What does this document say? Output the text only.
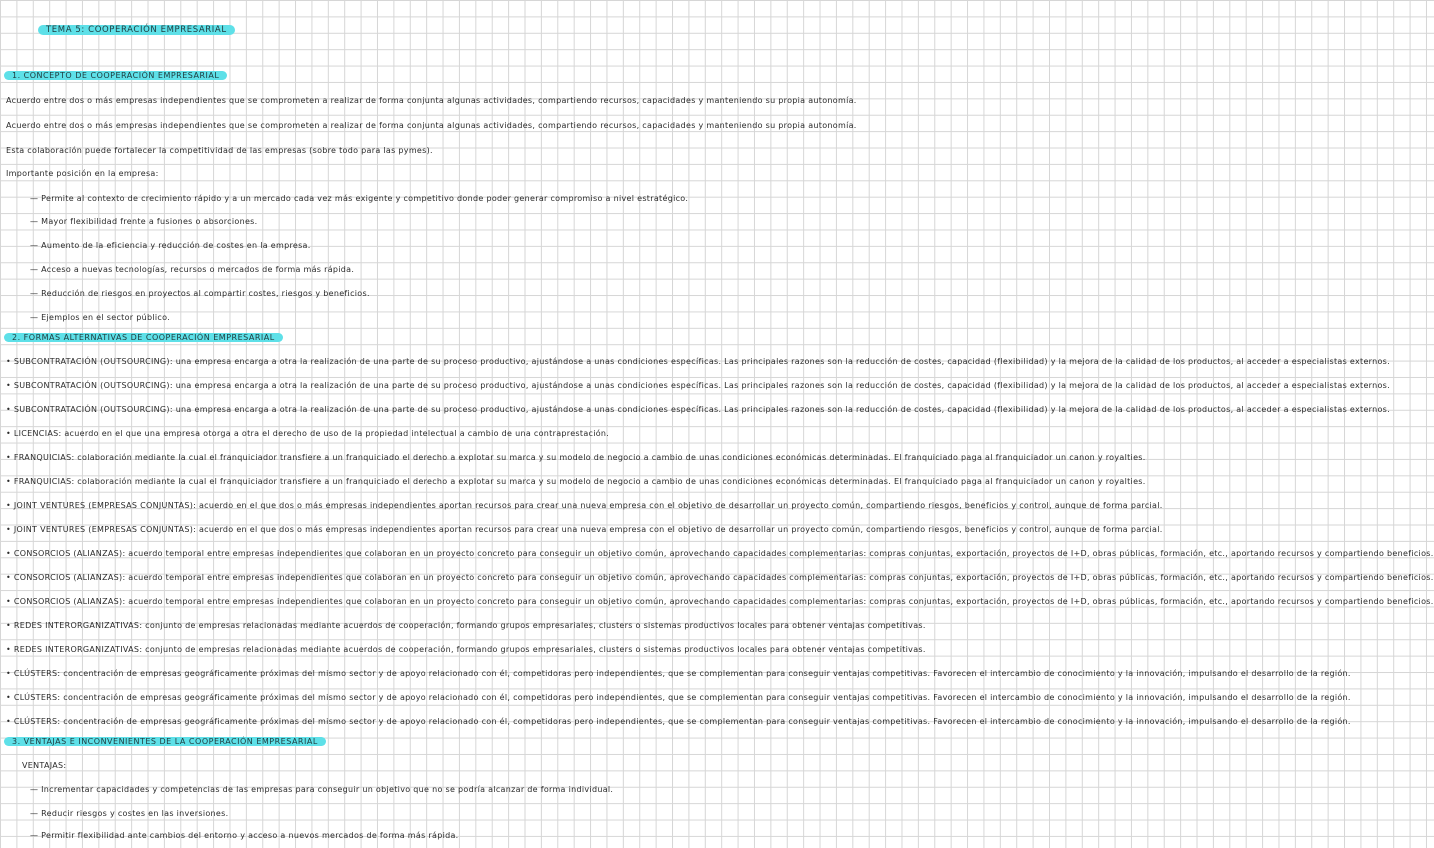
TEMA 5: COOPERACIÓN EMPRESARIAL
1. CONCEPTO DE COOPERACIÓN EMPRESARIAL
Acuerdo entre dos o más empresas independientes que se comprometen a realizar de forma conjunta algunas actividades, compartiendo recursos, capacidades y manteniendo su propia autonomía.
Acuerdo entre dos o más empresas independientes que se comprometen a realizar de forma conjunta algunas actividades, compartiendo recursos, capacidades y manteniendo su propia autonomía.
Esta colaboración puede fortalecer la competitividad de las empresas (sobre todo para las pymes).
Importante posición en la empresa:
— Permite al contexto de crecimiento rápido y a un mercado cada vez más exigente y competitivo donde poder generar compromiso a nivel estratégico.
— Mayor flexibilidad frente a fusiones o absorciones.
— Aumento de la eficiencia y reducción de costes en la empresa.
— Acceso a nuevas tecnologías, recursos o mercados de forma más rápida.
— Reducción de riesgos en proyectos al compartir costes, riesgos y beneficios.
— Ejemplos en el sector público.
2. FORMAS ALTERNATIVAS DE COOPERACIÓN EMPRESARIAL
• SUBCONTRATACIÓN (OUTSOURCING): una empresa encarga a otra la realización de una parte de su proceso productivo, ajustándose a unas condiciones específicas. Las principales razones son la reducción de costes, capacidad (flexibilidad) y la mejora de la calidad de los productos, al acceder a especialistas externos.
• SUBCONTRATACIÓN (OUTSOURCING): una empresa encarga a otra la realización de una parte de su proceso productivo, ajustándose a unas condiciones específicas. Las principales razones son la reducción de costes, capacidad (flexibilidad) y la mejora de la calidad de los productos, al acceder a especialistas externos.
• SUBCONTRATACIÓN (OUTSOURCING): una empresa encarga a otra la realización de una parte de su proceso productivo, ajustándose a unas condiciones específicas. Las principales razones son la reducción de costes, capacidad (flexibilidad) y la mejora de la calidad de los productos, al acceder a especialistas externos.
• LICENCIAS: acuerdo en el que una empresa otorga a otra el derecho de uso de la propiedad intelectual a cambio de una contraprestación.
• FRANQUICIAS: colaboración mediante la cual el franquiciador transfiere a un franquiciado el derecho a explotar su marca y su modelo de negocio a cambio de unas condiciones económicas determinadas. El franquiciado paga al franquiciador un canon y royalties.
• FRANQUICIAS: colaboración mediante la cual el franquiciador transfiere a un franquiciado el derecho a explotar su marca y su modelo de negocio a cambio de unas condiciones económicas determinadas. El franquiciado paga al franquiciador un canon y royalties.
• JOINT VENTURES (EMPRESAS CONJUNTAS): acuerdo en el que dos o más empresas independientes aportan recursos para crear una nueva empresa con el objetivo de desarrollar un proyecto común, compartiendo riesgos, beneficios y control, aunque de forma parcial.
• JOINT VENTURES (EMPRESAS CONJUNTAS): acuerdo en el que dos o más empresas independientes aportan recursos para crear una nueva empresa con el objetivo de desarrollar un proyecto común, compartiendo riesgos, beneficios y control, aunque de forma parcial.
• CONSORCIOS (ALIANZAS): acuerdo temporal entre empresas independientes que colaboran en un proyecto concreto para conseguir un objetivo común, aprovechando capacidades complementarias: compras conjuntas, exportación, proyectos de I+D, obras públicas, formación, etc., aportando recursos y compartiendo beneficios.
• CONSORCIOS (ALIANZAS): acuerdo temporal entre empresas independientes que colaboran en un proyecto concreto para conseguir un objetivo común, aprovechando capacidades complementarias: compras conjuntas, exportación, proyectos de I+D, obras públicas, formación, etc., aportando recursos y compartiendo beneficios.
• CONSORCIOS (ALIANZAS): acuerdo temporal entre empresas independientes que colaboran en un proyecto concreto para conseguir un objetivo común, aprovechando capacidades complementarias: compras conjuntas, exportación, proyectos de I+D, obras públicas, formación, etc., aportando recursos y compartiendo beneficios.
• REDES INTERORGANIZATIVAS: conjunto de empresas relacionadas mediante acuerdos de cooperación, formando grupos empresariales, clusters o sistemas productivos locales para obtener ventajas competitivas.
• REDES INTERORGANIZATIVAS: conjunto de empresas relacionadas mediante acuerdos de cooperación, formando grupos empresariales, clusters o sistemas productivos locales para obtener ventajas competitivas.
• CLÚSTERS: concentración de empresas geográficamente próximas del mismo sector y de apoyo relacionado con él, competidoras pero independientes, que se complementan para conseguir ventajas competitivas. Favorecen el intercambio de conocimiento y la innovación, impulsando el desarrollo de la región.
• CLÚSTERS: concentración de empresas geográficamente próximas del mismo sector y de apoyo relacionado con él, competidoras pero independientes, que se complementan para conseguir ventajas competitivas. Favorecen el intercambio de conocimiento y la innovación, impulsando el desarrollo de la región.
• CLÚSTERS: concentración de empresas geográficamente próximas del mismo sector y de apoyo relacionado con él, competidoras pero independientes, que se complementan para conseguir ventajas competitivas. Favorecen el intercambio de conocimiento y la innovación, impulsando el desarrollo de la región.
3. VENTAJAS E INCONVENIENTES DE LA COOPERACIÓN EMPRESARIAL
VENTAJAS:
— Incrementar capacidades y competencias de las empresas para conseguir un objetivo que no se podría alcanzar de forma individual.
— Reducir riesgos y costes en las inversiones.
— Permitir flexibilidad ante cambios del entorno y acceso a nuevos mercados de forma más rápida.
